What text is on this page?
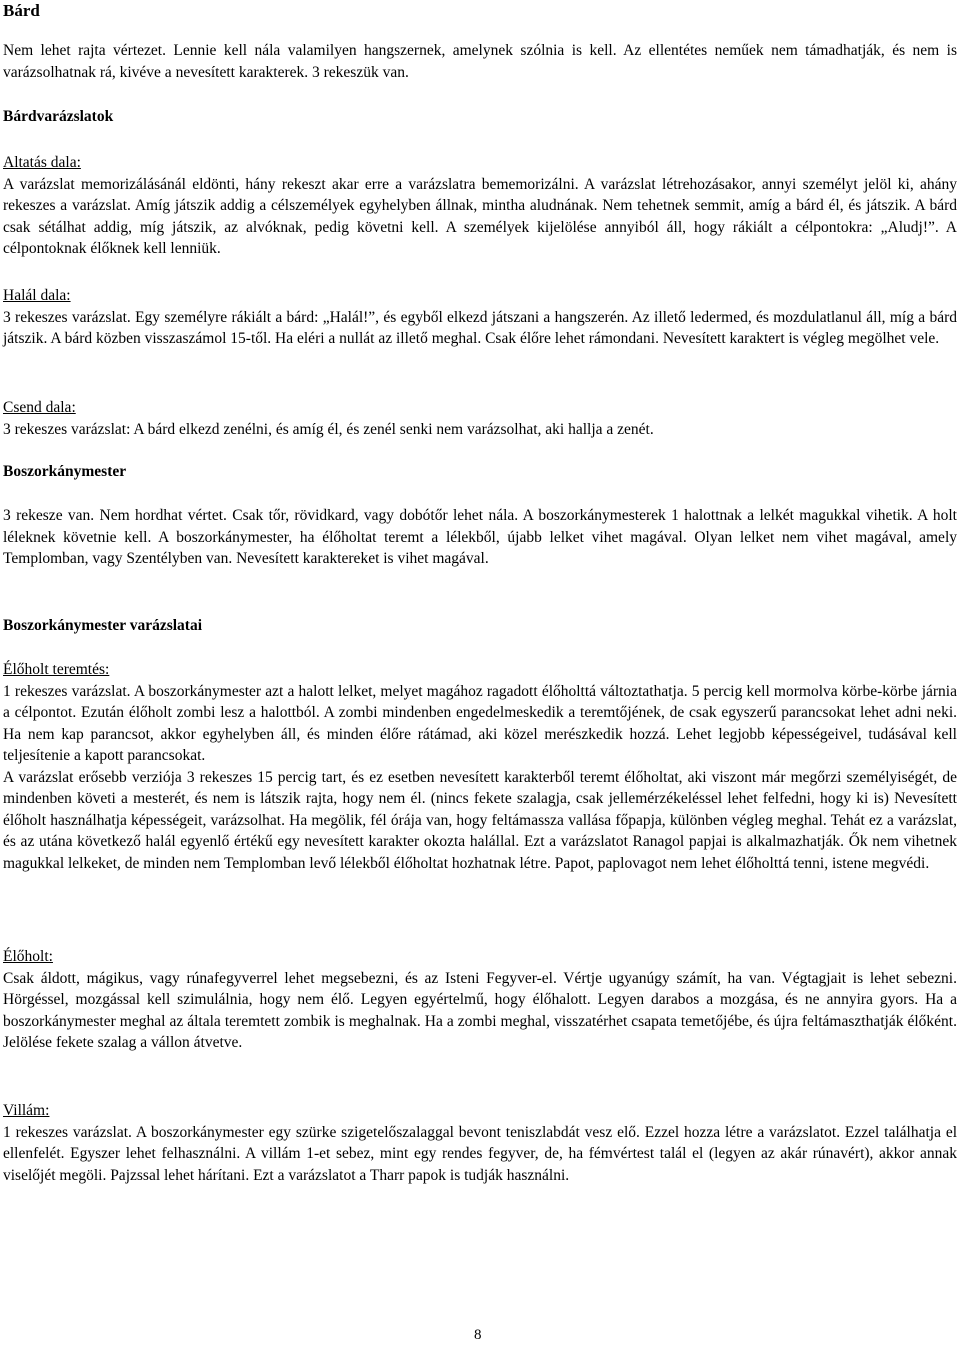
Bárd

Nem lehet rajta vértezet. Lennie kell nála valamilyen hangszernek, amelynek szólnia is kell. Az ellentétes neműek nem támadhatják, és nem is varázsolhatnak rá, kivéve a nevesített karakterek. 3 rekeszük van.

Bárdvarázslatok

Altatás dala:

A varázslat memorizálásánál eldönti, hány rekeszt akar erre a varázslatra bememorizálni. A varázslat létrehozásakor, annyi személyt jelöl ki, ahány rekeszes a varázslat. Amíg játszik addig a célszemélyek egyhelyben állnak, mintha aludnának. Nem tehetnek semmit, amíg a bárd él, és játszik. A bárd csak sétálhat addig, míg játszik, az alvóknak, pedig követni kell. A személyek kijelölése annyiból áll, hogy rákiált a célpontokra: „Aludj!”. A célpontoknak élőknek kell lenniük.

Halál dala:

3 rekeszes varázslat. Egy személyre rákiált a bárd: „Halál!”, és egyből elkezd játszani a hangszerén. Az illető ledermed, és mozdulatlanul áll, míg a bárd játszik. A bárd közben visszaszámol 15-től. Ha eléri a nullát az illető meghal. Csak élőre lehet rámondani. Nevesített karaktert is végleg megölhet vele.

Csend dala:

3 rekeszes varázslat: A bárd elkezd zenélni, és amíg él, és zenél senki nem varázsolhat, aki hallja a zenét.

Boszorkánymester

3 rekesze van. Nem hordhat vértet. Csak tőr, rövidkard, vagy dobótőr lehet nála. A boszorkánymesterek 1 halottnak a lelkét magukkal vihetik. A holt léleknek követnie kell. A boszorkánymester, ha élőholtat teremt a lélekből, újabb lelket vihet magával. Olyan lelket nem vihet magával, amely Templomban, vagy Szentélyben van. Nevesített karaktereket is vihet magával.

Boszorkánymester varázslatai

Élőholt teremtés:

1 rekeszes varázslat. A boszorkánymester azt a halott lelket, melyet magához ragadott élőholttá változtathatja. 5 percig kell mormolva körbe-körbe járnia a célpontot. Ezután élőholt zombi lesz a halottból. A zombi mindenben engedelmeskedik a teremtőjének, de csak egyszerű parancsokat lehet adni neki. Ha nem kap parancsot, akkor egyhelyben áll, és minden élőre rátámad, aki közel merészkedik hozzá. Lehet legjobb képességeivel, tudásával kell teljesítenie a kapott parancsokat.

A varázslat erősebb verziója 3 rekeszes 15 percig tart, és ez esetben nevesített karakterből teremt élőholtat, aki viszont már megőrzi személyiségét, de mindenben követi a mesterét, és nem is látszik rajta, hogy nem él. (nincs fekete szalagja, csak jellemérzékeléssel lehet felfedni, hogy ki is) Nevesített élőholt használhatja képességeit, varázsolhat. Ha megölik, fél órája van, hogy feltámassza vallása főpapja, különben végleg meghal. Tehát ez a varázslat, és az utána következő halál egyenlő értékű egy nevesített karakter okozta halállal. Ezt a varázslatot Ranagol papjai is alkalmazhatják. Ők nem vihetnek magukkal lelkeket, de minden nem Templomban levő lélekből élőholtat hozhatnak létre. Papot, paplovagot nem lehet élőholttá tenni, istene megvédi.

Élőholt:

Csak áldott, mágikus, vagy rúnafegyverrel lehet megsebezni, és az Isteni Fegyver-el. Vértje ugyanúgy számít, ha van. Végtagjait is lehet sebezni. Hörgéssel, mozgással kell szimulálnia, hogy nem élő. Legyen egyértelmű, hogy élőhalott. Legyen darabos a mozgása, és ne annyira gyors. Ha a boszorkánymester meghal az általa teremtett zombik is meghalnak. Ha a zombi meghal, visszatérhet csapata temetőjébe, és újra feltámaszthatják élőként. Jelölése fekete szalag a vállon átvetve.

Villám:

1 rekeszes varázslat. A boszorkánymester egy szürke szigetelőszalaggal bevont teniszlabdát vesz elő. Ezzel hozza létre a varázslatot. Ezzel találhatja el ellenfelét. Egyszer lehet felhasználni. A villám 1-et sebez, mint egy rendes fegyver, de, ha fémvértest talál el (legyen az akár rúnavért), akkor annak viselőjét megöli. Pajzssal lehet hárítani. Ezt a varázslatot a Tharr papok is tudják használni.

8
